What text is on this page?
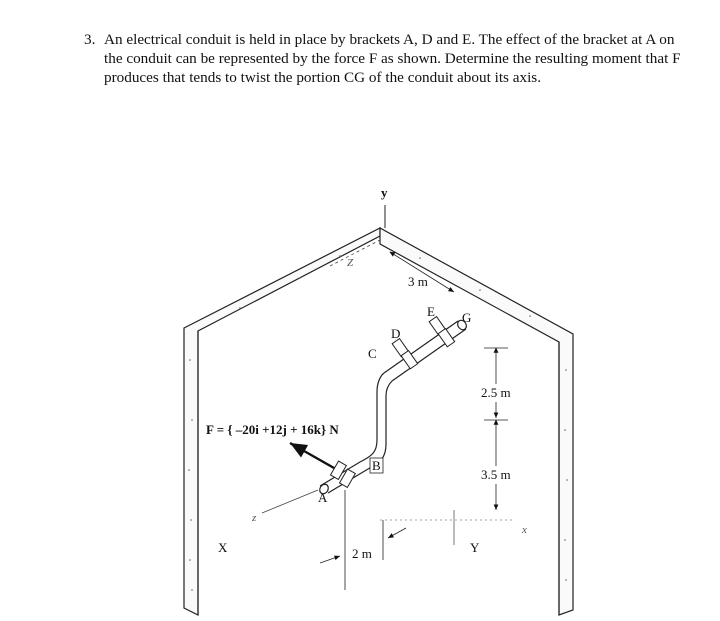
3. An electrical conduit is held in place by brackets A, D and E. The effect of the bracket at A on the conduit can be represented by the force F as shown. Determine the resulting moment that F produces that tends to twist the portion CG of the conduit about its axis.
y
Z
3 m
C
D
E G
B
A
F = { –20i +12j + 16k} N
z
X
2.5 m
3.5 m
x
2 m	Y
